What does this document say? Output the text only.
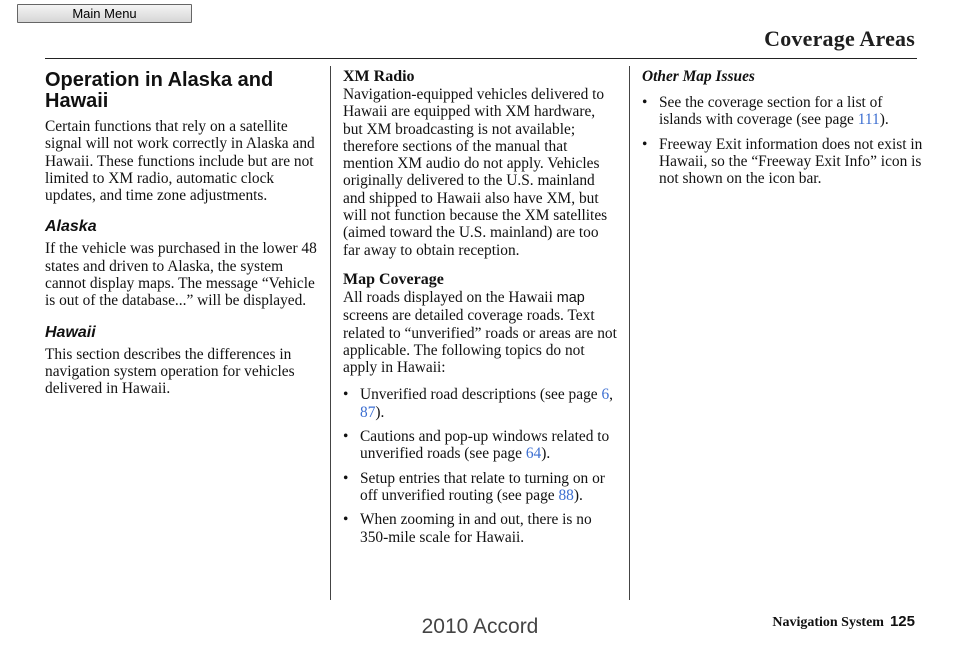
Main Menu
Coverage Areas
Operation in Alaska and
Hawaii

Certain functions that rely on a satellite signal will not work correctly in Alaska and Hawaii. These functions include but are not limited to XM radio, automatic clock updates, and time zone adjustments.

Alaska

If the vehicle was purchased in the lower 48 states and driven to Alaska, the system cannot display maps. The message “Vehicle is out of the database...” will be displayed.

Hawaii

This section describes the differences in navigation system operation for vehicles delivered in Hawaii.

XM Radio

Navigation-equipped vehicles delivered to Hawaii are equipped with XM hardware, but XM broadcasting is not available; therefore sections of the manual that mention XM audio do not apply. Vehicles originally delivered to the U.S. mainland and shipped to Hawaii also have XM, but will not function because the XM satellites (aimed toward the U.S. mainland) are too far away to obtain reception.

Map Coverage

All roads displayed on the Hawaii map screens are detailed coverage roads. Text related to “unverified” roads or areas are not applicable. The following topics do not apply in Hawaii:

• Unverified road descriptions (see page 6, 87).
• Cautions and pop-up windows related to unverified roads (see page 64).
• Setup entries that relate to turning on or off unverified routing (see page 88).
• When zooming in and out, there is no 350-mile scale for Hawaii.
Other Map Issues
• See the coverage section for a list of islands with coverage (see page 111).
• Freeway Exit information does not exist in Hawaii, so the “Freeway Exit Info” icon is not shown on the icon bar.
Navigation System 125
2010 Accord
